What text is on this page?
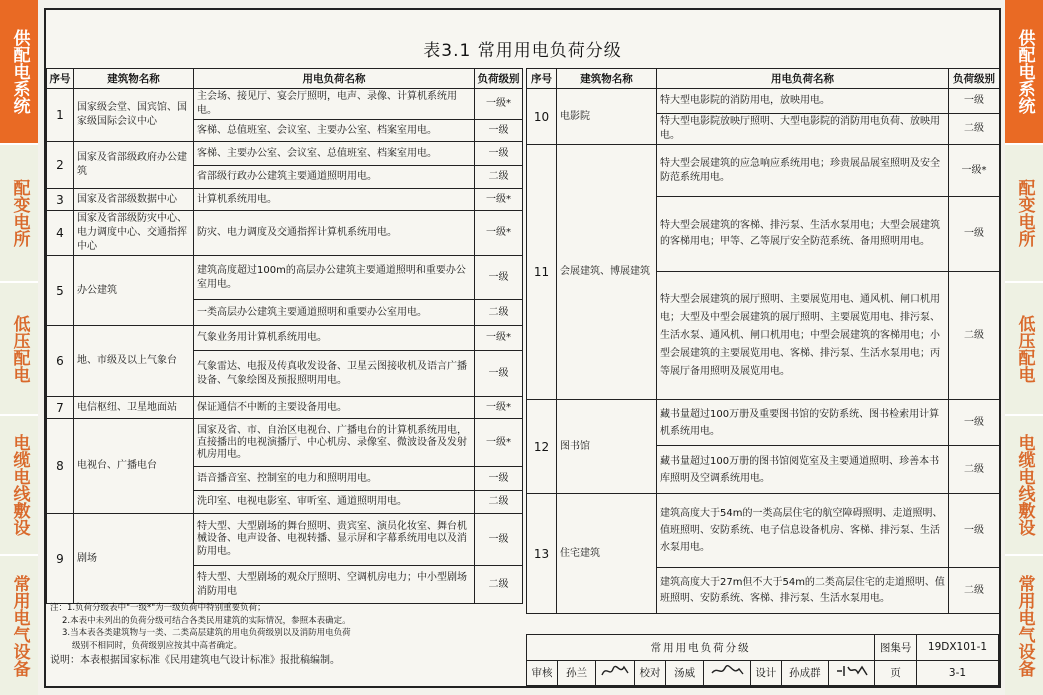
供配电系统
配变电所
低压配电
电缆电线敷设
常用电气设备
供配电系统
配变电所
低压配电
电缆电线敷设
常用电气设备
表3.1 常用用电负荷分级
序号	建筑物名称	用电负荷名称	负荷级别
1	国家级会堂、国宾馆、国家级国际会议中心	主会场、接见厅、宴会厅照明，电声、录像、计算机系统用电。	一级*
		客梯、总值班室、会议室、主要办公室、档案室用电。	一级
2	国家及省部级政府办公建筑	客梯、主要办公室、会议室、总值班室、档案室用电。	一级
		省部级行政办公建筑主要通道照明用电。	二级
3	国家及省部级数据中心	计算机系统用电。	一级*
4	国家及省部级防灾中心、电力调度中心、交通指挥中心	防灾、电力调度及交通指挥计算机系统用电。	一级*
5	办公建筑	建筑高度超过100m的高层办公建筑主要通道照明和重要办公室用电。	一级
		一类高层办公建筑主要通道照明和重要办公室用电。	二级
6	地、市级及以上气象台	气象业务用计算机系统用电。	一级*
		气象雷达、电报及传真收发设备、卫星云图接收机及语言广播设备、气象绘图及预报照明用电。	一级
7	电信枢纽、卫星地面站	保证通信不中断的主要设备用电。	一级*
8	电视台、广播电台	国家及省、市、自治区电视台、广播电台的计算机系统用电，直接播出的电视演播厅、中心机房、录像室、微波设备及发射机房用电。	一级*
		语音播音室、控制室的电力和照明用电。	一级
		洗印室、电视电影室、审听室、通道照明用电。	二级
9	剧场	特大型、大型剧场的舞台照明、贵宾室、演员化妆室、舞台机械设备、电声设备、电视转播、显示屏和字幕系统用电以及消防用电。	一级
		特大型、大型剧场的观众厅照明、空调机房电力；中小型剧场消防用电	二级
序号	建筑物名称	用电负荷名称	负荷级别
10	电影院	特大型电影院的消防用电，放映用电。	一级
		特大型电影院放映厅照明、大型电影院的消防用电负荷、放映用电。	二级
11	会展建筑、博展建筑	特大型会展建筑的应急响应系统用电；珍贵展品展室照明及安全防范系统用电。	一级*
		特大型会展建筑的客梯、排污泵、生活水泵用电；大型会展建筑的客梯用电；甲等、乙等展厅安全防范系统、备用照明用电。	一级
		特大型会展建筑的展厅照明、主要展览用电、通风机、闸口机用电；大型及中型会展建筑的展厅照明、主要展览用电、排污泵、生活水泵、通风机、闸口机用电；中型会展建筑的客梯用电；小型会展建筑的主要展览用电、客梯、排污泵、生活水泵用电；丙等展厅备用照明及展览用电。	二级
12	图书馆	藏书量超过100万册及重要图书馆的安防系统、图书检索用计算机系统用电。	一级
		藏书量超过100万册的图书馆阅览室及主要通道照明、珍善本书库照明及空调系统用电。	二级
13	住宅建筑	建筑高度大于54m的一类高层住宅的航空障碍照明、走道照明、值班照明、安防系统、电子信息设备机房、客梯、排污泵、生活水泵用电。	一级
		建筑高度大于27m但不大于54m的二类高层住宅的走道照明、值班照明、安防系统、客梯、排污泵、生活水泵用电。	二级
注：1.负荷分级表中"一级*"为一级负荷中特别重要负荷；

2.本表中未列出的负荷分级可结合各类民用建筑的实际情况，参照本表确定。
3.当本表各类建筑物与一类、二类高层建筑的用电负荷级别以及消防用电负荷
级别不相同时，负荷级别应按其中高者确定。
说明：本表根据国家标准《民用建筑电气设计标准》报批稿编制。
常用用电负荷分级									图集号	19DX101-1
审核	孙兰		校对	汤威		设计	孙成群		页	3-1
